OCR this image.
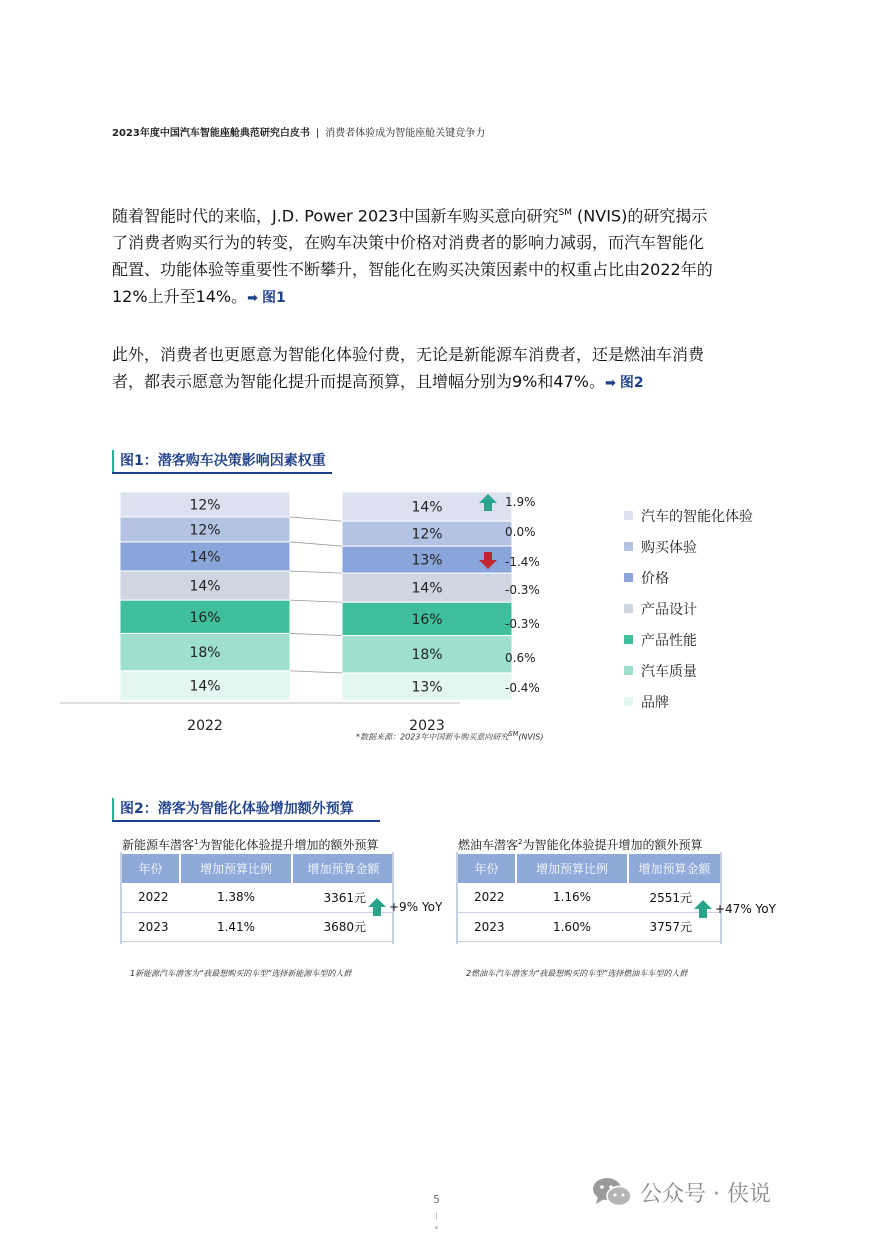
2023年度中国汽车智能座舱典范研究白皮书 | 消费者体验成为智能座舱关键竞争力
随着智能时代的来临，J.D. Power 2023中国新车购买意向研究℠ (NVIS)的研究揭示
了消费者购买行为的转变，在购车决策中价格对消费者的影响力减弱，而汽车智能化
配置、功能体验等重要性不断攀升，智能化在购买决策因素中的权重占比由2022年的
12%上升至14%。➡ 图1
此外，消费者也更愿意为智能化体验付费，无论是新能源车消费者，还是燃油车消费
者，都表示愿意为智能化提升而提高预算，且增幅分别为9%和47%。➡ 图2
图1：潜客购车决策影响因素权重
12%
12%
14%
14%
16%
18%
14%
14%
12%
13%
14%
16%
18%
13%
2022	2023
1.9%
0.0%
-1.4%
-0.3%
-0.3%
0.6%
-0.4%
汽车的智能化体验
购买体验
价格
产品设计
产品性能
汽车质量
品牌
*数据来源：2023年中国新车购买意向研究℠(NVIS)
图2：潜客为智能化体验增加额外预算
新能源车潜客$^1$为智能化体验提升增加的额外预算
年份	增加预算比例	增加预算金额
2022	1.38%	3361元
2023	1.41%	3680元
+9% YoY
1新能源汽车潜客为“我最想购买的车型”选择新能源车型的人群
燃油车潜客$^2$为智能化体验提升增加的额外预算
年份	增加预算比例	增加预算金额
2022	1.16%	2551元
2023	1.60%	3757元
+47% YoY
2燃油车汽车潜客为“我最想购买的车型”选择燃油车车型的人群
5	公众号 · 侠说
